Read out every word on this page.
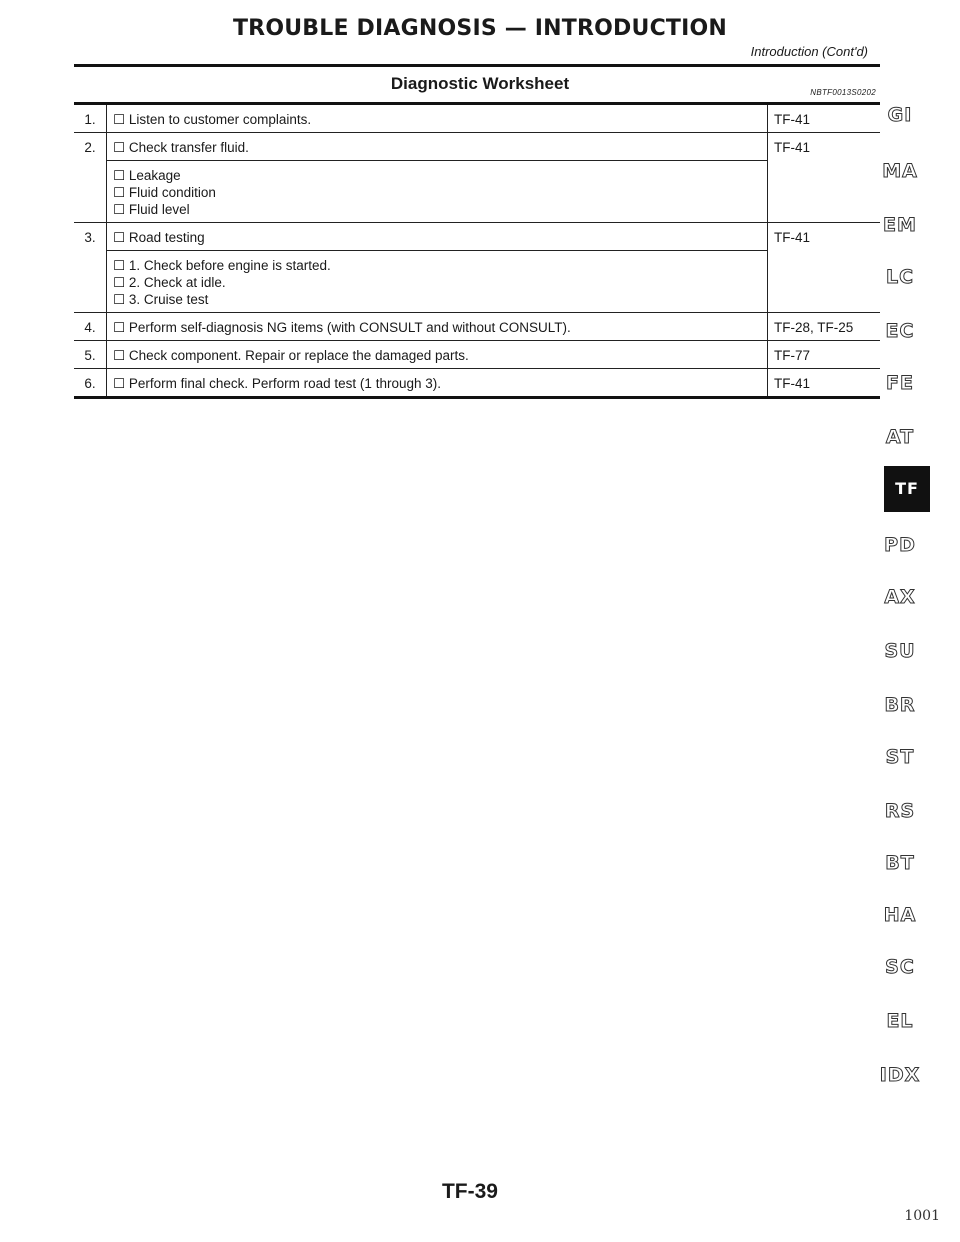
TROUBLE DIAGNOSIS — INTRODUCTION
Introduction (Cont'd)
Diagnostic Worksheet	NBTF0013S0202
1.	☐ Listen to customer complaints.	TF-41
2.	☐ Check transfer fluid.	TF-41

	☐ Leakage
☐ Fluid condition
☐ Fluid level	

3.	☐ Road testing	TF-41

	☐ 1. Check before engine is started.
☐ 2. Check at idle.
☐ 3. Cruise test	

4.	☐ Perform self-diagnosis NG items (with CONSULT and without CONSULT).	TF-28, TF-25
5.	☐ Check component. Repair or replace the damaged parts.	TF-77
6.	☐ Perform final check. Perform road test (1 through 3).	TF-41
GI
MA
EM
LC
EC
FE
AT
TF
PD
AX
SU
BR
ST
RS
BT
HA
SC
EL
IDX
TF-39
1001
